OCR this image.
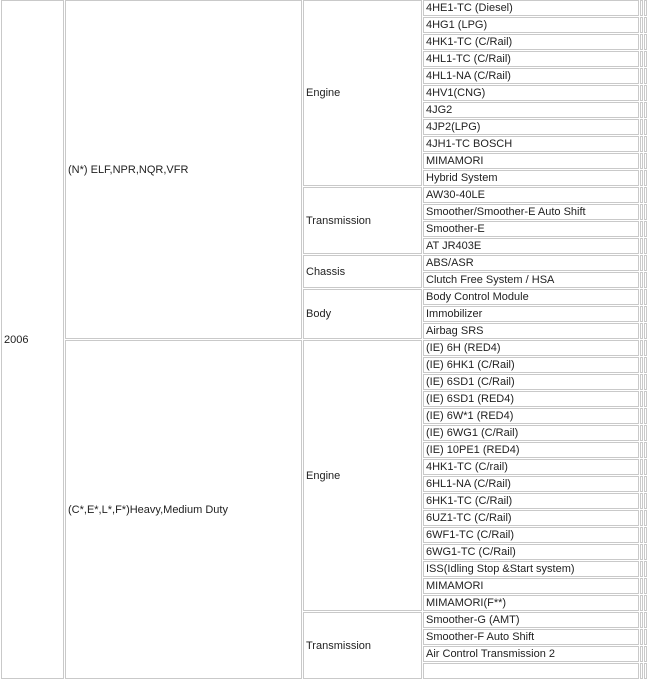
2006	(N*) ELF,NPR,NQR,VFR	Engine	4HE1-TC (Diesel)		
			4HG1 (LPG)		
			4HK1-TC (C/Rail)		
			4HL1-TC (C/Rail)		
			4HL1-NA (C/Rail)		
			4HV1(CNG)		
			4JG2		
			4JP2(LPG)		
			4JH1-TC BOSCH		
			MIMAMORI		
			Hybrid System		
		Transmission	AW30-40LE		
			Smoother/Smoother-E Auto Shift		
			Smoother-E		
			AT JR403E		
		Chassis	ABS/ASR		
			Clutch Free System / HSA		
		Body	Body Control Module		
			Immobilizer		
			Airbag SRS		
	(C*,E*,L*,F*)Heavy,Medium Duty	Engine	(IE) 6H (RED4)		
			(IE) 6HK1 (C/Rail)		
			(IE) 6SD1 (C/Rail)		
			(IE) 6SD1 (RED4)		
			(IE) 6W*1 (RED4)		
			(IE) 6WG1 (C/Rail)		
			(IE) 10PE1 (RED4)		
			4HK1-TC (C/rail)		
			6HL1-NA (C/Rail)		
			6HK1-TC (C/Rail)		
			6UZ1-TC (C/Rail)		
			6WF1-TC (C/Rail)		
			6WG1-TC (C/Rail)		
			ISS(Idling Stop &Start system)		
			MIMAMORI		
			MIMAMORI(F**)		
		Transmission	Smoother-G (AMT)		
			Smoother-F Auto Shift		
			Air Control Transmission 2		
